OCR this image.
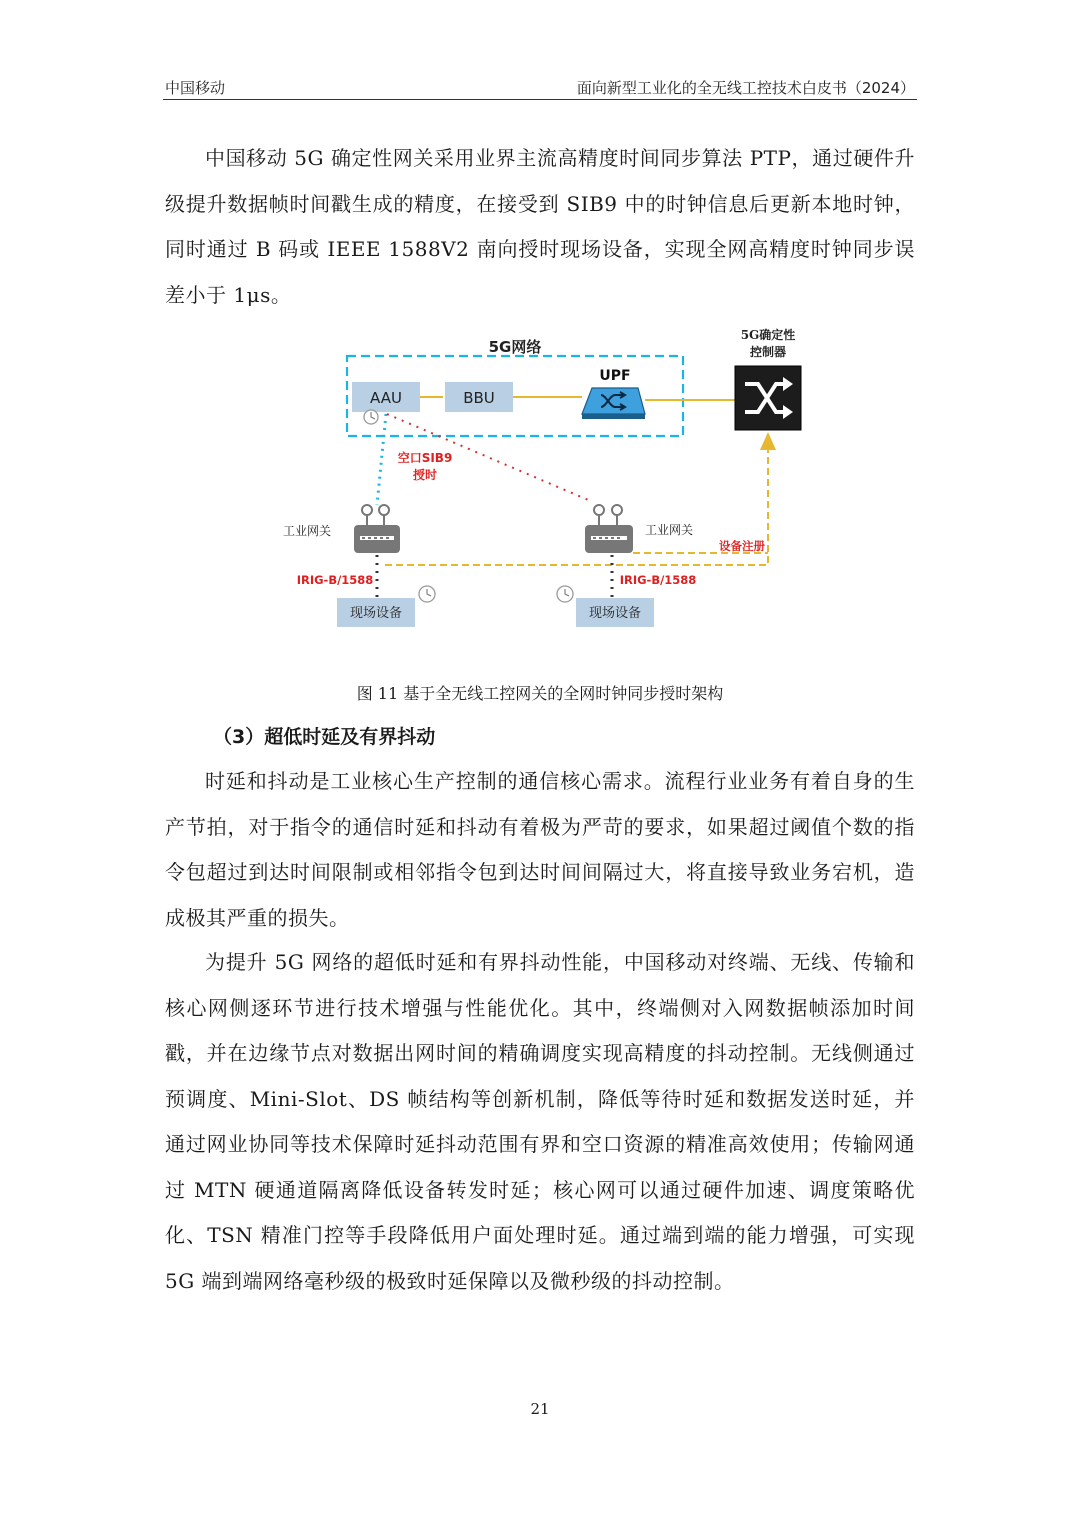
中国移动	面向新型工业化的全无线工控技术白皮书（2024）

中国移动 5G 确定性网关采用业界主流高精度时间同步算法 PTP，通过硬件升级提升数据帧时间戳生成的精度，在接受到 SIB9 中的时钟信息后更新本地时钟，同时通过 B 码或 IEEE 1588V2 南向授时现场设备，实现全网高精度时钟同步误差小于 1μs。

5G网络
AAU	BBU
UPF
5G确定性
控制器
空口SIB9
授时
工业网关	工业网关
设备注册
IRIG-B/1588	IRIG-B/1588
现场设备	现场设备
图 11 基于全无线工控网关的全网时钟同步授时架构
（3）超低时延及有界抖动

时延和抖动是工业核心生产控制的通信核心需求。流程行业业务有着自身的生产节拍，对于指令的通信时延和抖动有着极为严苛的要求，如果超过阈值个数的指令包超过到达时间限制或相邻指令包到达时间间隔过大，将直接导致业务宕机，造成极其严重的损失。

为提升 5G 网络的超低时延和有界抖动性能，中国移动对终端、无线、传输和核心网侧逐环节进行技术增强与性能优化。其中，终端侧对入网数据帧添加时间戳，并在边缘节点对数据出网时间的精确调度实现高精度的抖动控制。无线侧通过预调度、Mini-Slot、DS 帧结构等创新机制，降低等待时延和数据发送时延，并通过网业协同等技术保障时延抖动范围有界和空口资源的精准高效使用；传输网通过 MTN 硬通道隔离降低设备转发时延；核心网可以通过硬件加速、调度策略优化、TSN 精准门控等手段降低用户面处理时延。通过端到端的能力增强，可实现 5G 端到端网络毫秒级的极致时延保障以及微秒级的抖动控制。

21
